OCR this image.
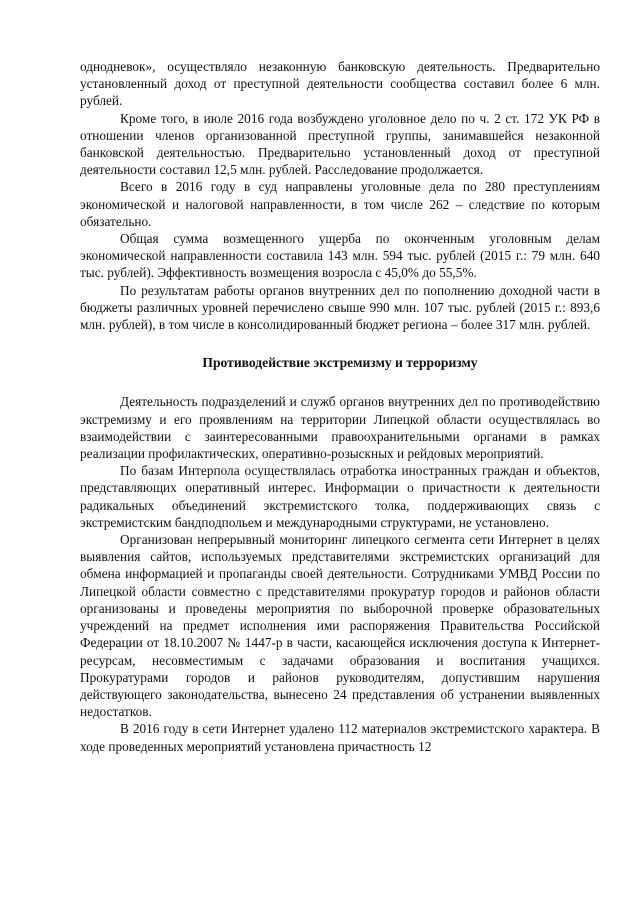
однодневок», осуществляло незаконную банковскую деятельность. Предварительно установленный доход от преступной деятельности сообщества составил более 6 млн. рублей.

Кроме того, в июле 2016 года возбуждено уголовное дело по ч. 2 ст. 172 УК РФ в отношении членов организованной преступной группы, занимавшейся незаконной банковской деятельностью. Предварительно установленный доход от преступной деятельности составил 12,5 млн. рублей. Расследование продолжается.

Всего в 2016 году в суд направлены уголовные дела по 280 преступлениям экономической и налоговой направленности, в том числе 262 – следствие по которым обязательно.

Общая сумма возмещенного ущерба по оконченным уголовным делам экономической направленности составила 143 млн. 594 тыс. рублей (2015 г.: 79 млн. 640 тыс. рублей). Эффективность возмещения возросла с 45,0% до 55,5%.

По результатам работы органов внутренних дел по пополнению доходной части в бюджеты различных уровней перечислено свыше 990 млн. 107 тыс. рублей (2015 г.: 893,6 млн. рублей), в том числе в консолидированный бюджет региона – более 317 млн. рублей.

Противодействие экстремизму и терроризму

Деятельность подразделений и служб органов внутренних дел по противодействию экстремизму и его проявлениям на территории Липецкой области осуществлялась во взаимодействии с заинтересованными правоохранительными органами в рамках реализации профилактических, оперативно-розыскных и рейдовых мероприятий.

По базам Интерпола осуществлялась отработка иностранных граждан и объектов, представляющих оперативный интерес. Информации о причастности к деятельности радикальных объединений экстремистского толка, поддерживающих связь с экстремистским бандподпольем и международными структурами, не установлено.

Организован непрерывный мониторинг липецкого сегмента сети Интернет в целях выявления сайтов, используемых представителями экстремистских организаций для обмена информацией и пропаганды своей деятельности. Сотрудниками УМВД России по Липецкой области совместно с представителями прокуратур городов и районов области организованы и проведены мероприятия по выборочной проверке образовательных учреждений на предмет исполнения ими распоряжения Правительства Российской Федерации от 18.10.2007 № 1447-р в части, касающейся исключения доступа к Интернет-ресурсам, несовместимым с задачами образования и воспитания учащихся. Прокуратурами городов и районов руководителям, допустившим нарушения действующего законодательства, вынесено 24 представления об устранении выявленных недостатков.

В 2016 году в сети Интернет удалено 112 материалов экстремистского характера. В ходе проведенных мероприятий установлена причастность 12
